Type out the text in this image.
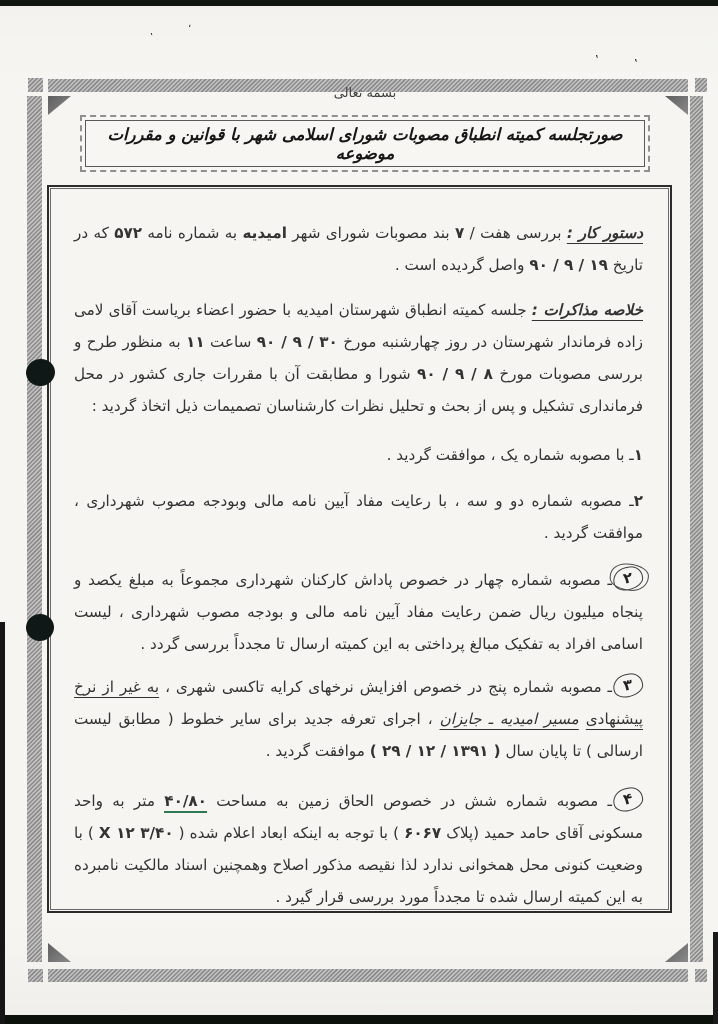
بسمه تعالی
صورتجلسه کمیته انطباق مصوبات شورای اسلامی شهر با قوانین و مقررات موضوعه

دستور کار : بررسی هفت / ۷ بند مصوبات شورای شهر امیدیه به شماره نامه ۵۷۲ که در تاریخ ۱۹ / ۹ / ۹۰ واصل گردیده است .

خلاصه مذاکرات : جلسه کمیته انطباق شهرستان امیدیه با حضور اعضاء بریاست آقای لامی زاده فرماندار شهرستان در روز چهارشنبه مورخ ۳۰ / ۹ / ۹۰ ساعت ۱۱ به منظور طرح و بررسی مصوبات مورخ ۸ / ۹ / ۹۰ شورا و مطابقت آن با مقررات جاری کشور در محل فرمانداری تشکیل و پس از بحث و تحلیل نظرات کارشناسان تصمیمات ذیل اتخاذ گردید :

۱ـ با مصوبه شماره یک ، موافقت گردید .

۲ـ مصوبه شماره دو و سه ، با رعایت مفاد آیین نامه مالی وبودجه مصوب شهرداری ، موافقت گردید .

۲ـ مصوبه شماره چهار در خصوص پاداش کارکنان شهرداری مجموعاً به مبلغ یکصد و پنجاه میلیون ریال ضمن رعایت مفاد آیین نامه مالی و بودجه مصوب شهرداری ، لیست اسامی افراد به تفکیک مبالغ پرداختی به این کمیته ارسال تا مجدداً بررسی گردد .

۳ـ مصوبه شماره پنج در خصوص افزایش نرخهای کرایه تاکسی شهری ، به غیر از نرخ پیشنهادی مسیر امیدیه ـ جایزان ، اجرای تعرفه جدید برای سایر خطوط ( مطابق لیست ارسالی ) تا پایان سال ( ۱۳۹۱ / ۱۲ / ۲۹ ) موافقت گردید .

۴ـ مصوبه شماره شش در خصوص الحاق زمین به مساحت ۴۰/۸۰ متر به واحد مسکونی آقای حامد حمید (پلاک ۶۰۶۷ ) با توجه به اینکه ابعاد اعلام شده ( ۳/۴۰ X ۱۲ ) با وضعیت کنونی محل همخوانی ندارد لذا نقیصه مذکور اصلاح وهمچنین اسناد مالکیت نامبرده به این کمیته ارسال شده تا مجدداً مورد بررسی قرار گیرد .

‛
،
‛	‛
